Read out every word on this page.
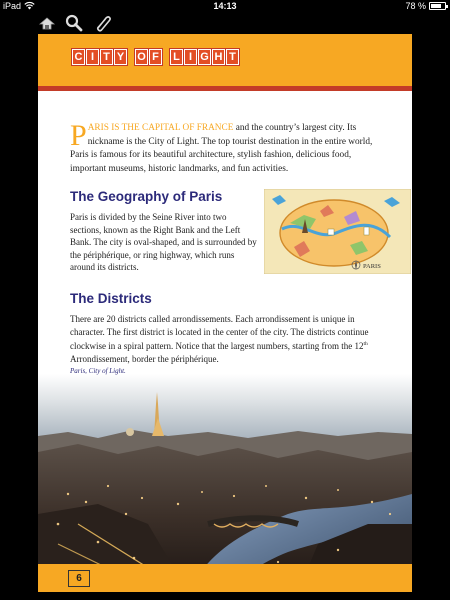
iPad	14:13	78 %
C I T Y O F L I G H T

PARIS IS THE CAPITAL OF FRANCE and the country’s largest city. Its nickname is the City of Light. The top tourist destination in the entire world, Paris is famous for its beautiful architecture, stylish fashion, delicious food, important museums, historic landmarks, and fun activities.

The Geography of Paris

Paris is divided by the Seine River into two sections, known as the Right Bank and the Left Bank. The city is oval-shaped, and is surrounded by the périphérique, or ring highway, which runs around its districts.	PARIS
The Districts

There are 20 districts called arrondissements. Each arrondissement is unique in character. The first district is located in the center of the city. The districts continue clockwise in a spiral pattern. Notice that the largest numbers, starting from the 12th Arrondissement, border the périphérique.

Paris, City of Light.
6
